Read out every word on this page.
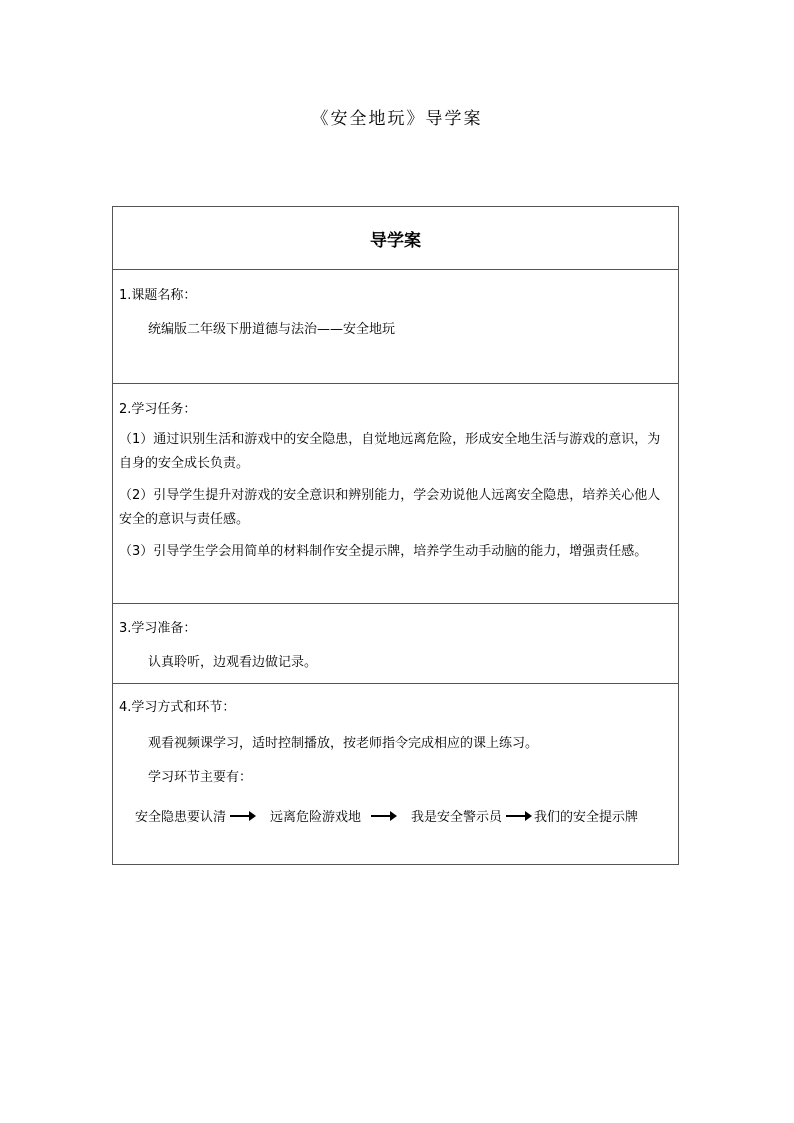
《安全地玩》导学案
导学案
1.课题名称：
统编版二年级下册道德与法治——安全地玩
2.学习任务：
（1）通过识别生活和游戏中的安全隐患，自觉地远离危险，形成安全地生活与游戏的意识，为自身的安全成长负责。
（2）引导学生提升对游戏的安全意识和辨别能力，学会劝说他人远离安全隐患，培养关心他人安全的意识与责任感。
（3）引导学生学会用简单的材料制作安全提示牌，培养学生动手动脑的能力，增强责任感。
3.学习准备：
认真聆听，边观看边做记录。
4.学习方式和环节：
观看视频课学习，适时控制播放，按老师指令完成相应的课上练习。
学习环节主要有：
安全隐患要认清	远离危险游戏地	我是安全警示员 我们的安全提示牌
